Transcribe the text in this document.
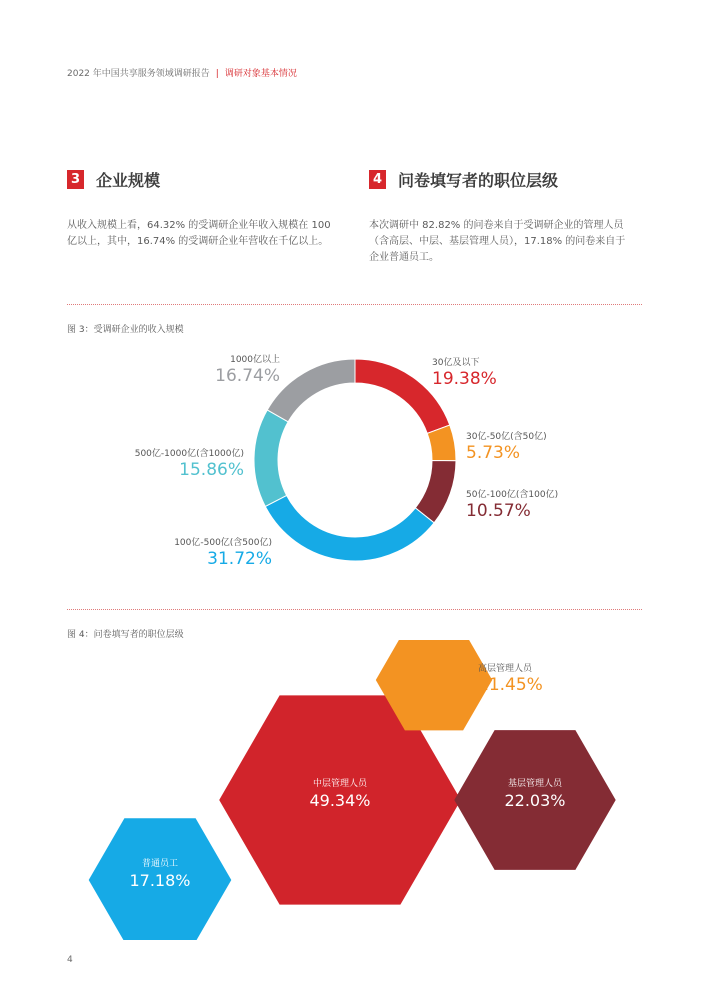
2022 年中国共享服务领域调研报告 | 调研对象基本情况
3 企业规模
从收入规模上看，64.32% 的受调研企业年收入规模在 100
亿以上，其中，16.74% 的受调研企业年营收在千亿以上。
4 问卷填写者的职位层级
本次调研中 82.82% 的问卷来自于受调研企业的管理人员
（含高层、中层、基层管理人员），17.18% 的问卷来自于
企业普通员工。
图 3：受调研企业的收入规模
30亿及以下
19.38%
30亿-50亿(含50亿)
5.73%
50亿-100亿(含100亿)
10.57%
100亿-500亿(含500亿)
31.72%
500亿-1000亿(含1000亿)
15.86%
1000亿以上
16.74%
图 4：问卷填写者的职位层级
中层管理人员
49.34%
基层管理人员
22.03%
普通员工
17.18%
高层管理人员
11.45%
4
